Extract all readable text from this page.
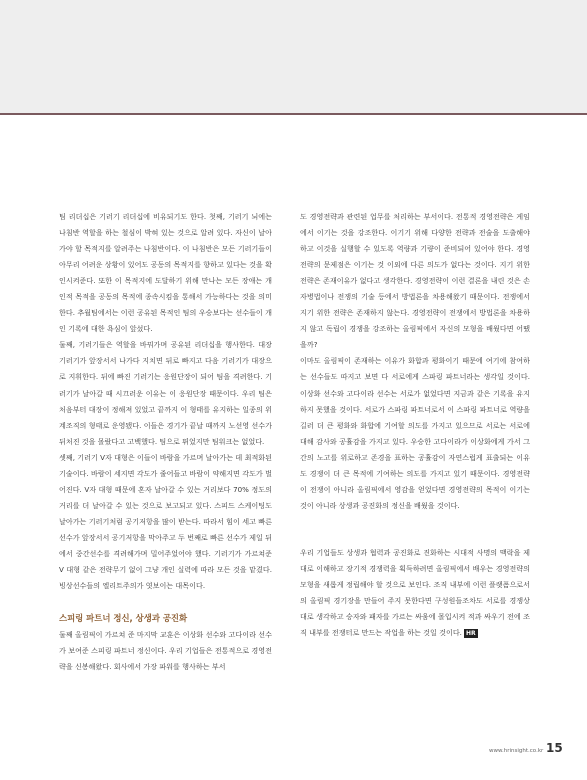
팀 리더십은 기러기 리더십에 비유되기도 한다. 첫째, 기러기 뇌에는 나침반 역할을 하는 철심이 박혀 있는 것으로 알려 있다. 자신이 날아가야 할 목적지를 알려주는 나침반이다. 이 나침반은 모든 기러기들이 아무리 어려운 상황이 있어도 공동의 목적지를 향하고 있다는 것을 확인시켜준다. 또한 이 목적지에 도달하기 위해 만나는 모든 장애는 개인적 목적을 공동의 목적에 종속시킴을 통해서 가능하다는 것을 의미한다. 추월팀에서는 이런 공유된 목적인 팀의 우승보다는 선수들이 개인 기록에 대한 욕심이 앞섰다.

둘째, 기러기들은 역할을 바꿔가며 공유된 리더십을 행사한다. 대장 기러기가 앞장서서 나가다 지치면 뒤로 빠지고 다음 기러기가 대장으로 지휘한다. 뒤에 빠진 기러기는 응원단장이 되어 팀을 격려한다. 기러기가 날아갈 때 시끄러운 이유는 이 응원단장 때문이다. 우리 팀은 처음부터 대장이 정해져 있었고 끝까지 이 형태를 유지하는 일종의 위계조직의 형태로 운영됐다. 이들은 경기가 끝날 때까지 노선영 선수가 뒤처진 것을 몰랐다고 고백했다. 팀으로 뛰었지만 팀워크는 없었다.

셋째, 기러기 V자 대형은 이들이 바람을 가르며 날아가는 데 최적화된 기술이다. 바람이 세지면 각도가 줄어들고 바람이 약해지면 각도가 벌어진다. V자 대형 때문에 혼자 날아갈 수 있는 거리보다 70% 정도의 거리를 더 날아갈 수 있는 것으로 보고되고 있다. 스피드 스케이팅도 날아가는 기러기처럼 공기저항을 많이 받는다. 따라서 힘이 세고 빠른 선수가 앞장서서 공기저항을 막아주고 두 번째로 빠른 선수가 제일 뒤에서 중간선수를 격려해가며 밀어주었어야 했다. 기러기가 가르쳐준 V 대형 같은 전략무기 없이 그냥 개인 실력에 따라 모든 것을 맡겼다. 빙상선수들의 엘리트주의가 엿보이는 대목이다.

스피링 파트너 정신, 상생과 공진화

둘째 올림픽이 가르쳐 준 마지막 교훈은 이상화 선수와 고다이라 선수가 보여준 스피링 파트너 정신이다. 우리 기업들은 전통적으로 경영전략을 신봉해왔다. 회사에서 가장 파워를 행사하는 부서

도 경영전략과 관련된 업무를 처리하는 부서이다. 전통적 경영전략은 게임에서 이기는 것을 강조한다. 이기기 위해 다양한 전략과 전술을 도출해야 하고 이것을 실행할 수 있도록 역량과 기량이 준비되어 있어야 한다. 경영전략의 문제점은 이기는 것 이외에 다른 의도가 없다는 것이다. 지기 위한 전략은 존재이유가 없다고 생각한다. 경영전략이 이런 결론을 내린 것은 손자병법이나 전쟁의 기술 등에서 방법론을 차용해왔기 때문이다. 전쟁에서 지기 위한 전략은 존재하지 않는다. 경영전략이 전쟁에서 방법론을 차용하지 않고 독립이 경쟁을 강조하는 올림픽에서 자신의 모형을 배웠다면 어땠을까?

이마도 올림픽이 존재하는 이유가 화합과 평화이기 때문에 여기에 참여하는 선수들도 따지고 보면 다 서로에게 스파링 파트너라는 생각일 것이다. 이상화 선수와 고다이라 선수는 서로가 없었다면 지금과 같은 기록을 유지하지 못했을 것이다. 서로가 스파링 파트너로서 이 스파링 파트너로 역량을 길러 더 큰 평화와 화합에 기여할 의도를 가지고 있으므로 서로는 서로에 대해 감사와 공휼감을 가지고 있다. 우승한 고다이라가 이상화에게 가서 그간의 노고를 위로하고 존경을 표하는 공휼감이 자연스럽게 표출되는 이유도 경쟁이 더 큰 목적에 기여하는 의도를 가지고 있기 때문이다. 경영전략이 전쟁이 아니라 올림픽에서 영감을 얻었다면 경영전략의 목적이 이기는 것이 아니라 상생과 공진화의 정신을 배웠을 것이다.

우리 기업들도 상생과 협력과 공진화로 진화하는 시대적 사명의 맥락을 제대로 이해하고 장기적 경쟁력을 획득하려면 올림픽에서 배우는 경영전략의 모형을 새롭게 정립해야 할 것으로 보인다. 조직 내부에 이런 플랫폼으로서의 올림픽 경기장을 만들어 주지 못한다면 구성원들조차도 서로를 경쟁상대로 생각하고 승자와 패자를 가르는 싸움에 몰입시켜 적과 싸우기 전에 조직 내부를 전쟁터로 만드는 작업을 하는 것일 것이다. HR

www.hrinsight.co.kr 15
